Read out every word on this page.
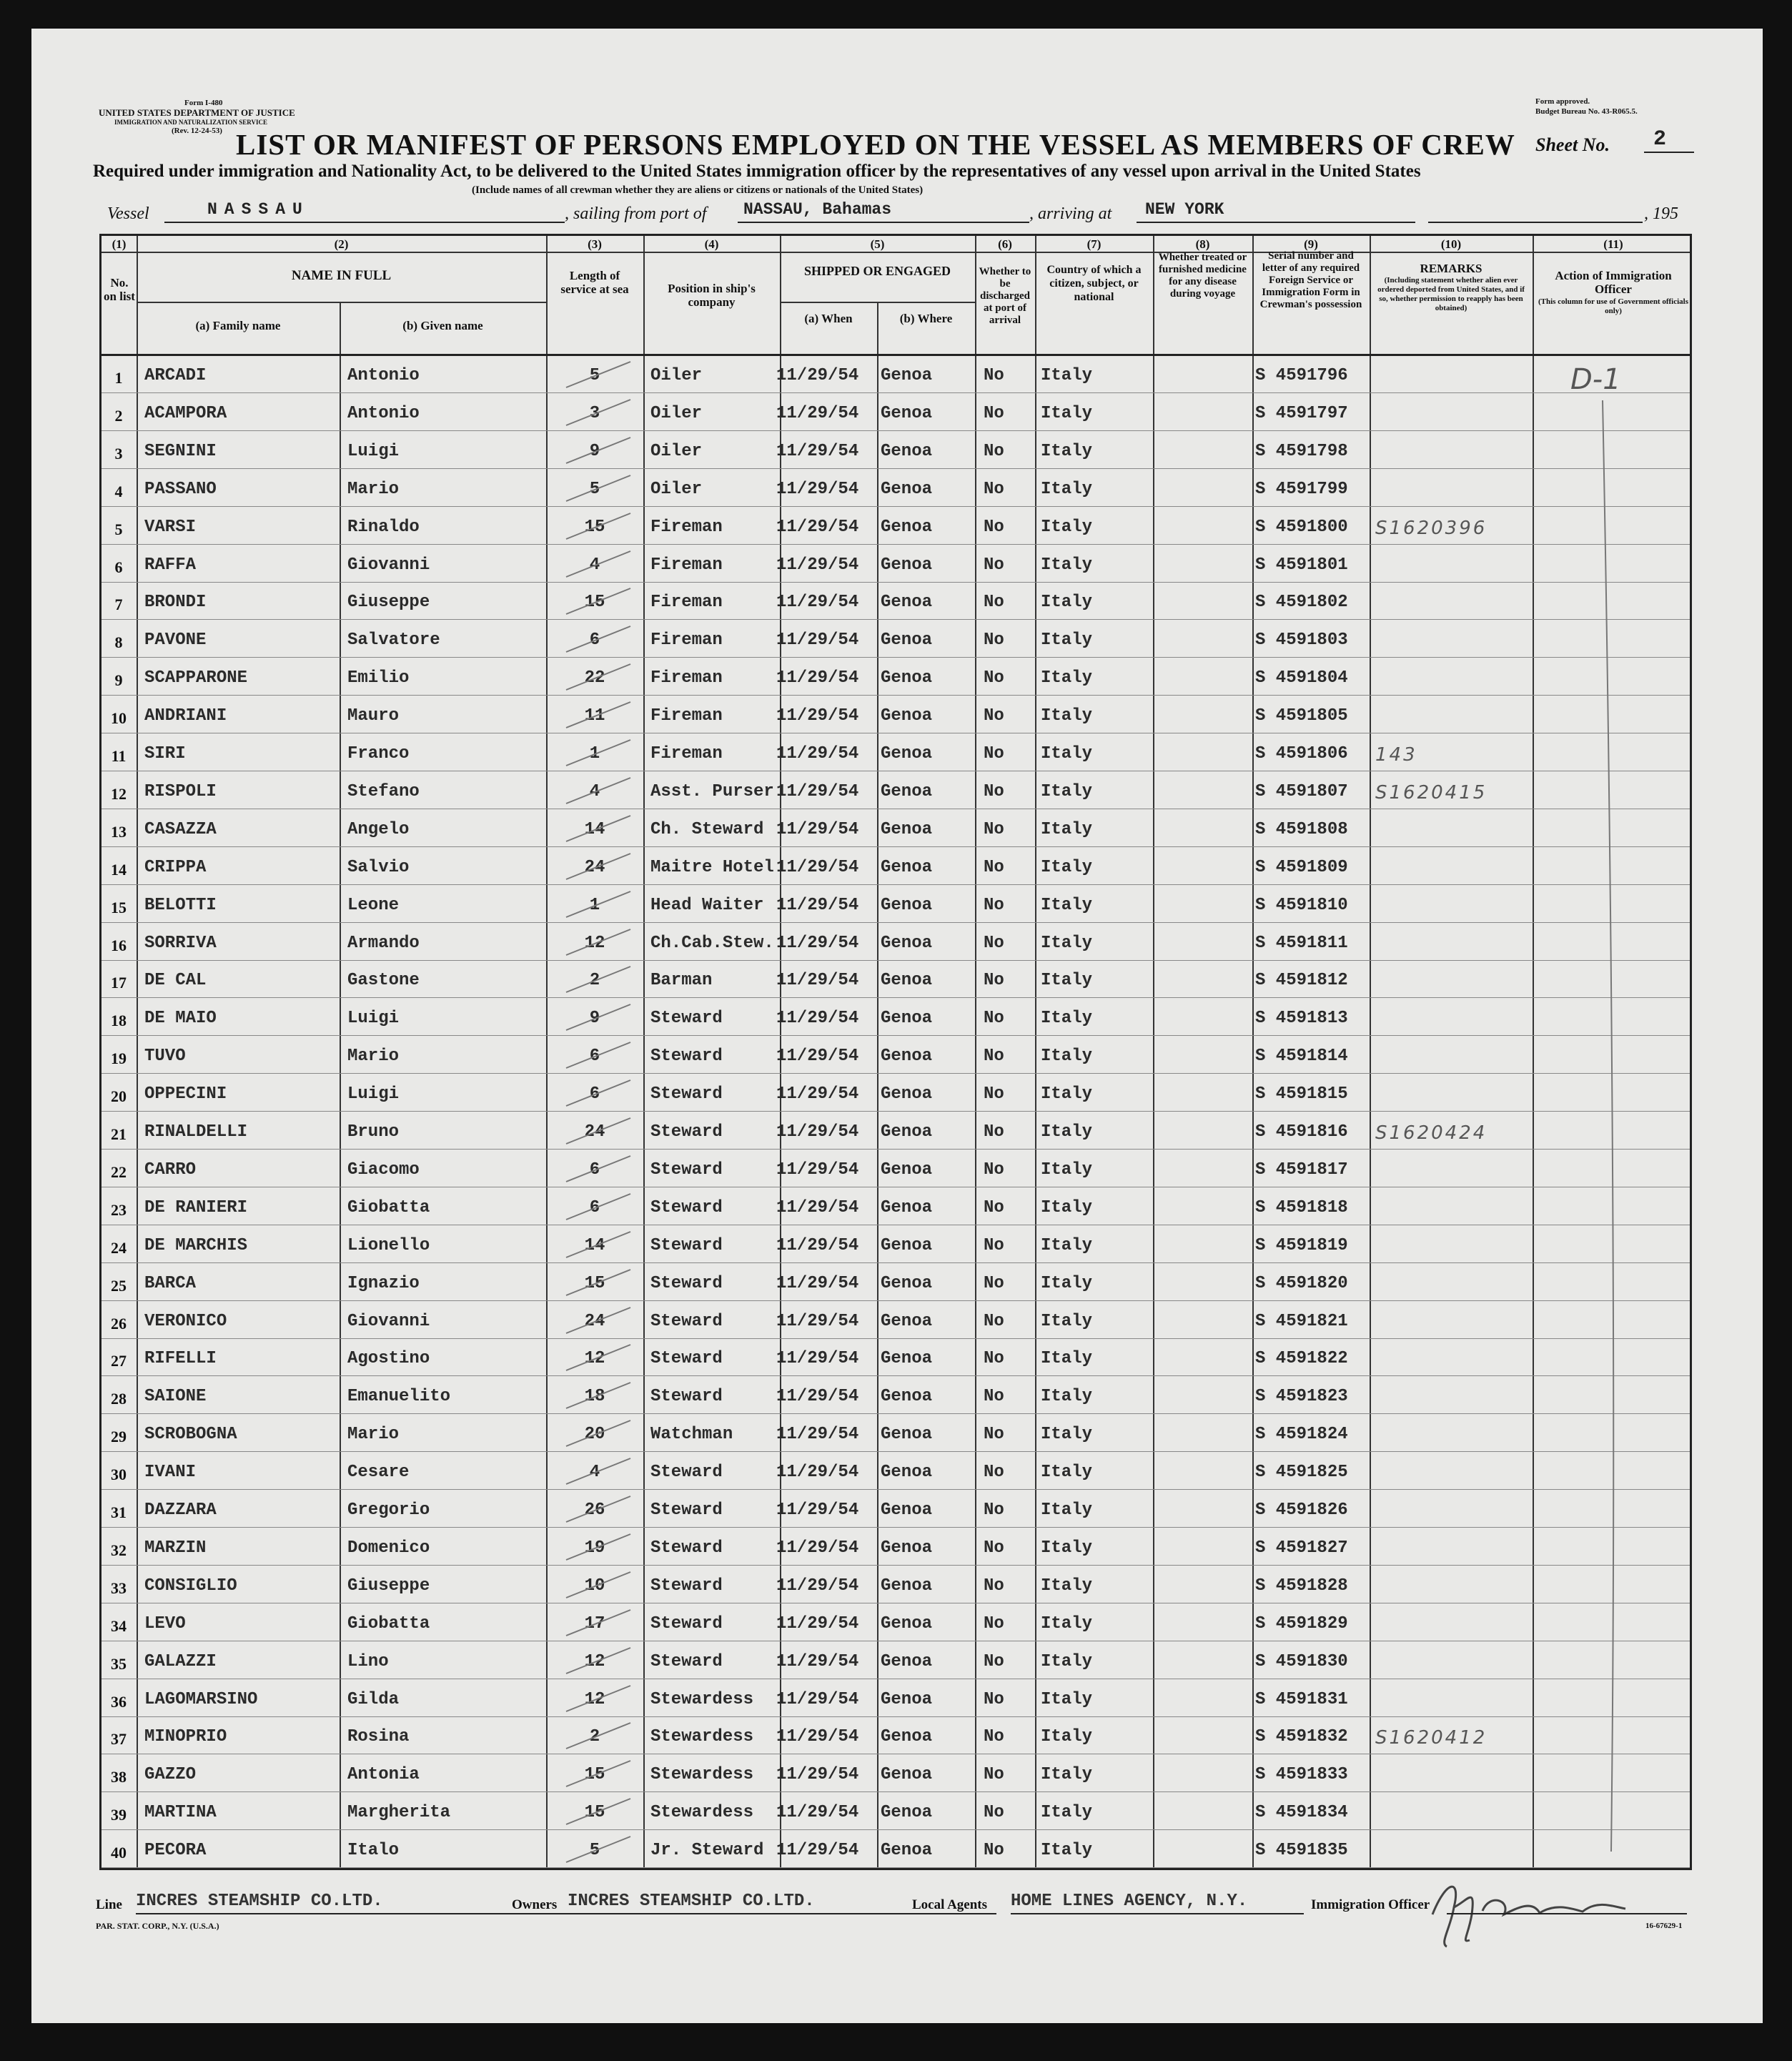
Form I-480
UNITED STATES DEPARTMENT OF JUSTICE
IMMIGRATION AND NATURALIZATION SERVICE
(Rev. 12-24-53)
Form approved.
Budget Bureau No. 43-R065.5.
LIST OR MANIFEST OF PERSONS EMPLOYED ON THE VESSEL AS MEMBERS OF CREW Sheet No. 2
Required under immigration and Nationality Act, to be delivered to the United States immigration officer by the representatives of any vessel upon arrival in the United States
(Include names of all crewman whether they are aliens or citizens or nationals of the United States)
Vessel	NASSAU	, sailing from port of NASSAU, Bahamas	, arriving at NEW YORK	, 195
(1)	(2)	(3)	(4)	(5)	(6)	(7)	(8)	(9)	(10)	(11)
No. on list
NAME IN FULL
(a) Family name	(b) Given name
Length of service at sea	Position in ship's company
SHIPPED OR ENGAGED
(a) When	(b) Where
Whether to be discharged at port of arrival
Country of which a citizen, subject, or national
Whether treated or furnished medicine for any disease during voyage
Serial number and letter of any required Foreign Service or Immigration Form in Crewman's possession
REMARKS
(Including statement whether alien ever ordered deported from United States, and if so, whether permission to reapply has been obtained)
Action of Immigration Officer
(This column for use of Government officials only)
1	ARCADI	Antonio	5	Oiler	11/29/54 Genoa	No Italy	S 4591796
2	ACAMPORA	Antonio	3	Oiler	11/29/54 Genoa	No Italy	S 4591797
3	SEGNINI	Luigi	9	Oiler	11/29/54 Genoa	No Italy	S 4591798
4	PASSANO	Mario	5	Oiler	11/29/54 Genoa	No Italy	S 4591799
5	VARSI	Rinaldo	15	Fireman	11/29/54 Genoa	No Italy	S 4591800 S1620396
6	RAFFA	Giovanni	4	Fireman	11/29/54 Genoa	No Italy	S 4591801
7	BRONDI	Giuseppe	15	Fireman	11/29/54 Genoa	No Italy	S 4591802
8	PAVONE	Salvatore	6	Fireman	11/29/54 Genoa	No Italy	S 4591803
9	SCAPPARONE	Emilio	22	Fireman	11/29/54 Genoa	No Italy	S 4591804
10	ANDRIANI	Mauro	11	Fireman	11/29/54 Genoa	No Italy	S 4591805
11	SIRI	Franco	1	Fireman	11/29/54 Genoa	No Italy	S 4591806 143
12	RISPOLI	Stefano	4	Asst. Purser 11/29/54 Genoa	No Italy	S 4591807 S1620415
13	CASAZZA	Angelo	14	Ch. Steward 11/29/54 Genoa	No Italy	S 4591808
14	CRIPPA	Salvio	24	Maitre Hotel 11/29/54 Genoa	No Italy	S 4591809
15	BELOTTI	Leone	1	Head Waiter 11/29/54 Genoa	No Italy	S 4591810
16	SORRIVA	Armando	12	Ch.Cab.Stew. 11/29/54 Genoa	No Italy	S 4591811
17	DE CAL	Gastone	2	Barman	11/29/54 Genoa	No Italy	S 4591812
18	DE MAIO	Luigi	9	Steward	11/29/54 Genoa	No Italy	S 4591813
19	TUVO	Mario	6	Steward	11/29/54 Genoa	No Italy	S 4591814
20	OPPECINI	Luigi	6	Steward	11/29/54 Genoa	No Italy	S 4591815
21	RINALDELLI	Bruno	24	Steward	11/29/54 Genoa	No Italy	S 4591816 S1620424
22	CARRO	Giacomo	6	Steward	11/29/54 Genoa	No Italy	S 4591817
23	DE RANIERI	Giobatta	6	Steward	11/29/54 Genoa	No Italy	S 4591818
24	DE MARCHIS	Lionello	14	Steward	11/29/54 Genoa	No Italy	S 4591819
25	BARCA	Ignazio	15	Steward	11/29/54 Genoa	No Italy	S 4591820
26	VERONICO	Giovanni	24	Steward	11/29/54 Genoa	No Italy	S 4591821
27	RIFELLI	Agostino	12	Steward	11/29/54 Genoa	No Italy	S 4591822
28	SAIONE	Emanuelito	18	Steward	11/29/54 Genoa	No Italy	S 4591823
29	SCROBOGNA	Mario	20	Watchman	11/29/54 Genoa	No Italy	S 4591824
30	IVANI	Cesare	4	Steward	11/29/54 Genoa	No Italy	S 4591825
31	DAZZARA	Gregorio	26	Steward	11/29/54 Genoa	No Italy	S 4591826
32	MARZIN	Domenico	19	Steward	11/29/54 Genoa	No Italy	S 4591827
33	CONSIGLIO	Giuseppe	10	Steward	11/29/54 Genoa	No Italy	S 4591828
34	LEVO	Giobatta	17	Steward	11/29/54 Genoa	No Italy	S 4591829
35	GALAZZI	Lino	12	Steward	11/29/54 Genoa	No Italy	S 4591830
36	LAGOMARSINO	Gilda	12	Stewardess 11/29/54 Genoa	No Italy	S 4591831
37	MINOPRIO	Rosina	2	Stewardess 11/29/54 Genoa	No Italy	S 4591832 S1620412
38	GAZZO	Antonia	15	Stewardess 11/29/54 Genoa	No Italy	S 4591833
39	MARTINA	Margherita	15	Stewardess 11/29/54 Genoa	No Italy	S 4591834
40	PECORA	Italo	5	Jr. Steward 11/29/54 Genoa	No Italy	S 4591835
D-1
Line INCRES STEAMSHIP CO.LTD.	Owners INCRES STEAMSHIP CO.LTD.	Local Agents HOME LINES AGENCY, N.Y.	Immigration Officer
PAR. STAT. CORP., N.Y. (U.S.A.)	16-67629-1
